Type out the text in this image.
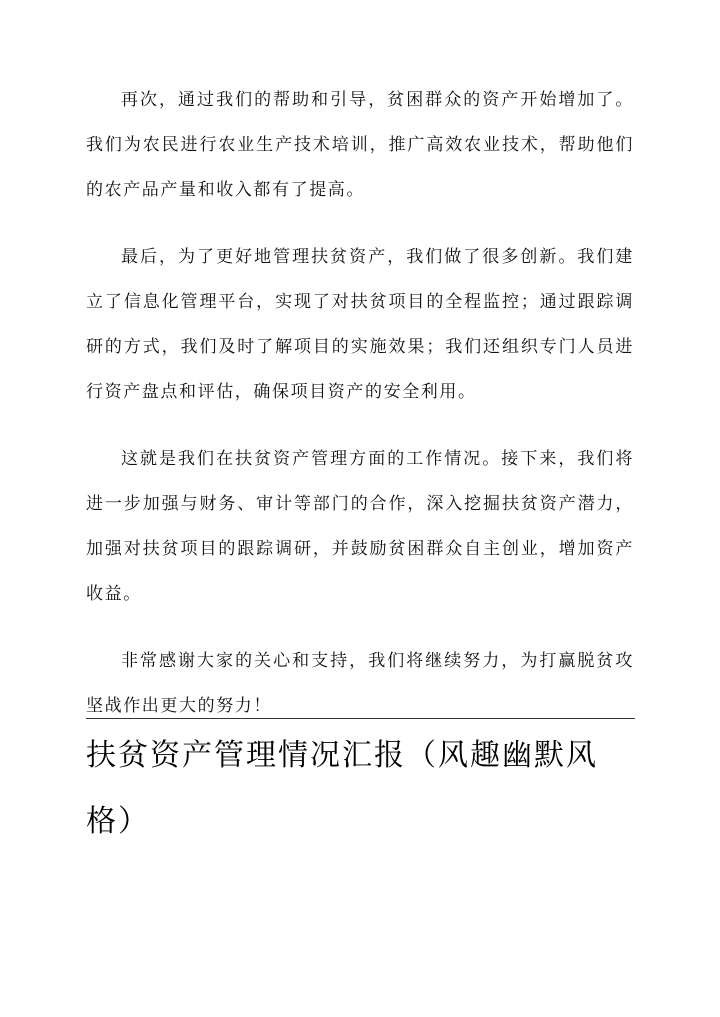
再次，通过我们的帮助和引导，贫困群众的资产开始增加了。我们为农民进行农业生产技术培训，推广高效农业技术，帮助他们的农产品产量和收入都有了提高。

最后，为了更好地管理扶贫资产，我们做了很多创新。我们建立了信息化管理平台，实现了对扶贫项目的全程监控；通过跟踪调研的方式，我们及时了解项目的实施效果；我们还组织专门人员进行资产盘点和评估，确保项目资产的安全利用。

这就是我们在扶贫资产管理方面的工作情况。接下来，我们将进一步加强与财务、审计等部门的合作，深入挖掘扶贫资产潜力，加强对扶贫项目的跟踪调研，并鼓励贫困群众自主创业，增加资产收益。

非常感谢大家的关心和支持，我们将继续努力，为打赢脱贫攻坚战作出更大的努力！

扶贫资产管理情况汇报（风趣幽默风格）
